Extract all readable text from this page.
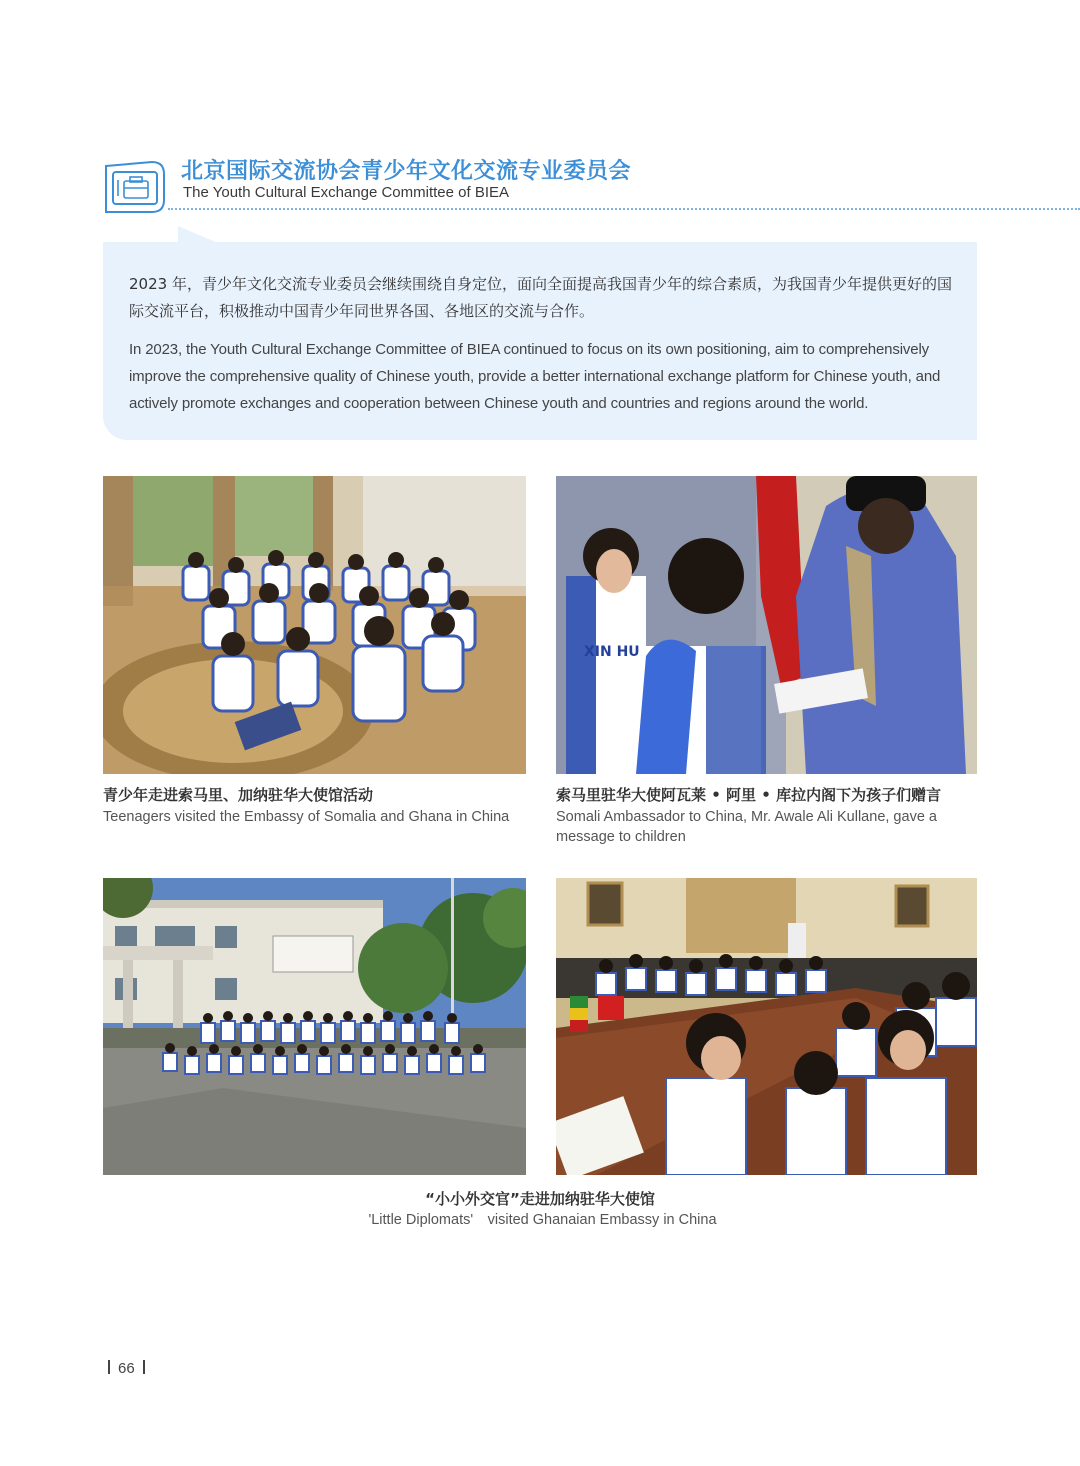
北京国际交流协会青少年文化交流专业委员会
The Youth Cultural Exchange Committee of BIEA

2023 年，青少年文化交流专业委员会继续围绕自身定位，面向全面提高我国青少年的综合素质，为我国青少年提供更好的国际交流平台，积极推动中国青少年同世界各国、各地区的交流与合作。

In 2023, the Youth Cultural Exchange Committee of BIEA continued to focus on its own positioning, aim to comprehensively improve the comprehensive quality of Chinese youth, provide a better international exchange platform for Chinese youth, and actively promote exchanges and cooperation between Chinese youth and countries and regions around the world.

青少年走进索马里、加纳驻华大使馆活动
Teenagers visited the Embassy of Somalia and Ghana in China
XIN HU
索马里驻华大使阿瓦莱 • 阿里 • 库拉内阁下为孩子们赠言
Somali Ambassador to China, Mr. Awale Ali Kullane, gave a message to children
“小小外交官”走进加纳驻华大使馆
'Little Diplomats'　visited Ghanaian Embassy in China
66
